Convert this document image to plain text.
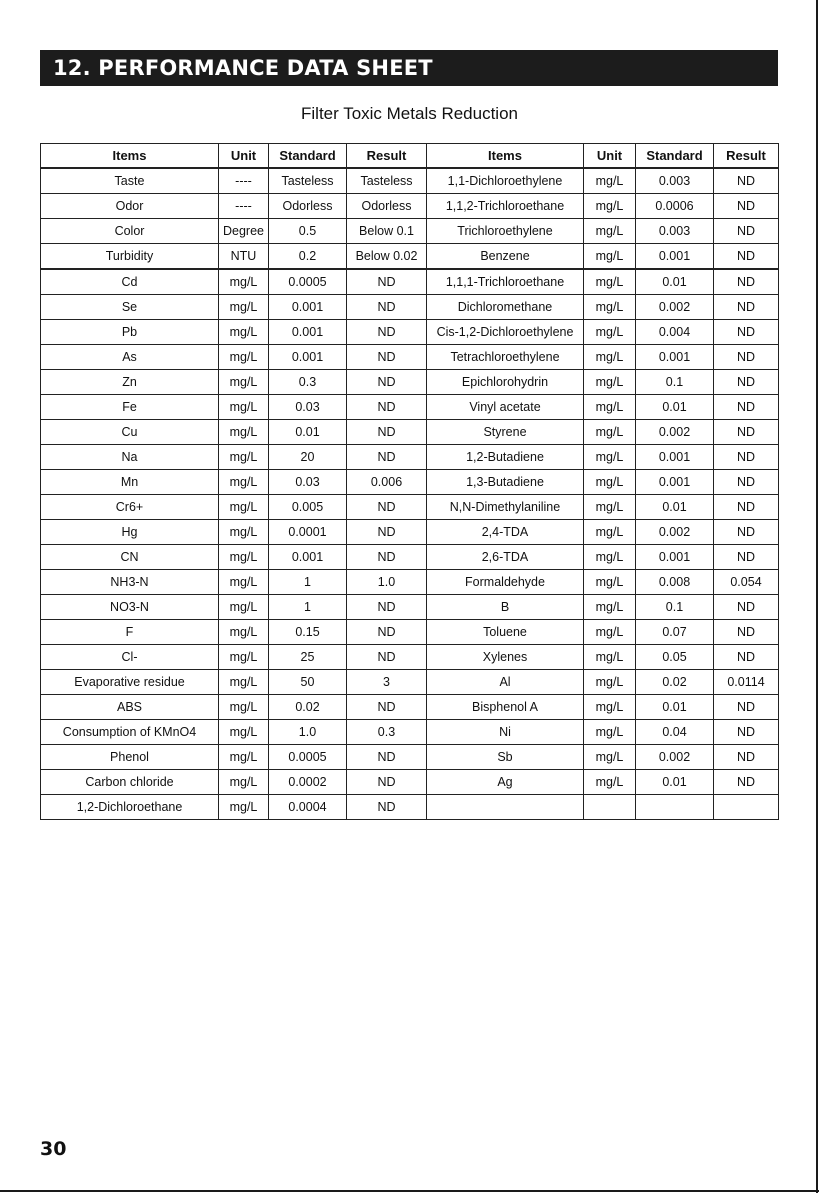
12. PERFORMANCE DATA SHEET
Filter Toxic Metals Reduction
Items	Unit	Standard	Result	Items	Unit	Standard	Result
Taste	----	Tasteless	Tasteless	1,1-Dichloroethylene	mg/L	0.003	ND
Odor	----	Odorless	Odorless	1,1,2-Trichloroethane	mg/L	0.0006	ND
Color	Degree	0.5	Below 0.1	Trichloroethylene	mg/L	0.003	ND
Turbidity	NTU	0.2	Below 0.02	Benzene	mg/L	0.001	ND
Cd	mg/L	0.0005	ND	1,1,1-Trichloroethane	mg/L	0.01	ND
Se	mg/L	0.001	ND	Dichloromethane	mg/L	0.002	ND
Pb	mg/L	0.001	ND	Cis-1,2-Dichloroethylene	mg/L	0.004	ND
As	mg/L	0.001	ND	Tetrachloroethylene	mg/L	0.001	ND
Zn	mg/L	0.3	ND	Epichlorohydrin	mg/L	0.1	ND
Fe	mg/L	0.03	ND	Vinyl acetate	mg/L	0.01	ND
Cu	mg/L	0.01	ND	Styrene	mg/L	0.002	ND
Na	mg/L	20	ND	1,2-Butadiene	mg/L	0.001	ND
Mn	mg/L	0.03	0.006	1,3-Butadiene	mg/L	0.001	ND
Cr6+	mg/L	0.005	ND	N,N-Dimethylaniline	mg/L	0.01	ND
Hg	mg/L	0.0001	ND	2,4-TDA	mg/L	0.002	ND
CN	mg/L	0.001	ND	2,6-TDA	mg/L	0.001	ND
NH3-N	mg/L	1	1.0	Formaldehyde	mg/L	0.008	0.054
NO3-N	mg/L	1	ND	B	mg/L	0.1	ND
F	mg/L	0.15	ND	Toluene	mg/L	0.07	ND
Cl-	mg/L	25	ND	Xylenes	mg/L	0.05	ND
Evaporative residue	mg/L	50	3	Al	mg/L	0.02	0.0114
ABS	mg/L	0.02	ND	Bisphenol A	mg/L	0.01	ND
Consumption of KMnO4	mg/L	1.0	0.3	Ni	mg/L	0.04	ND
Phenol	mg/L	0.0005	ND	Sb	mg/L	0.002	ND
Carbon chloride	mg/L	0.0002	ND	Ag	mg/L	0.01	ND
1,2-Dichloroethane	mg/L	0.0004	ND				
30
